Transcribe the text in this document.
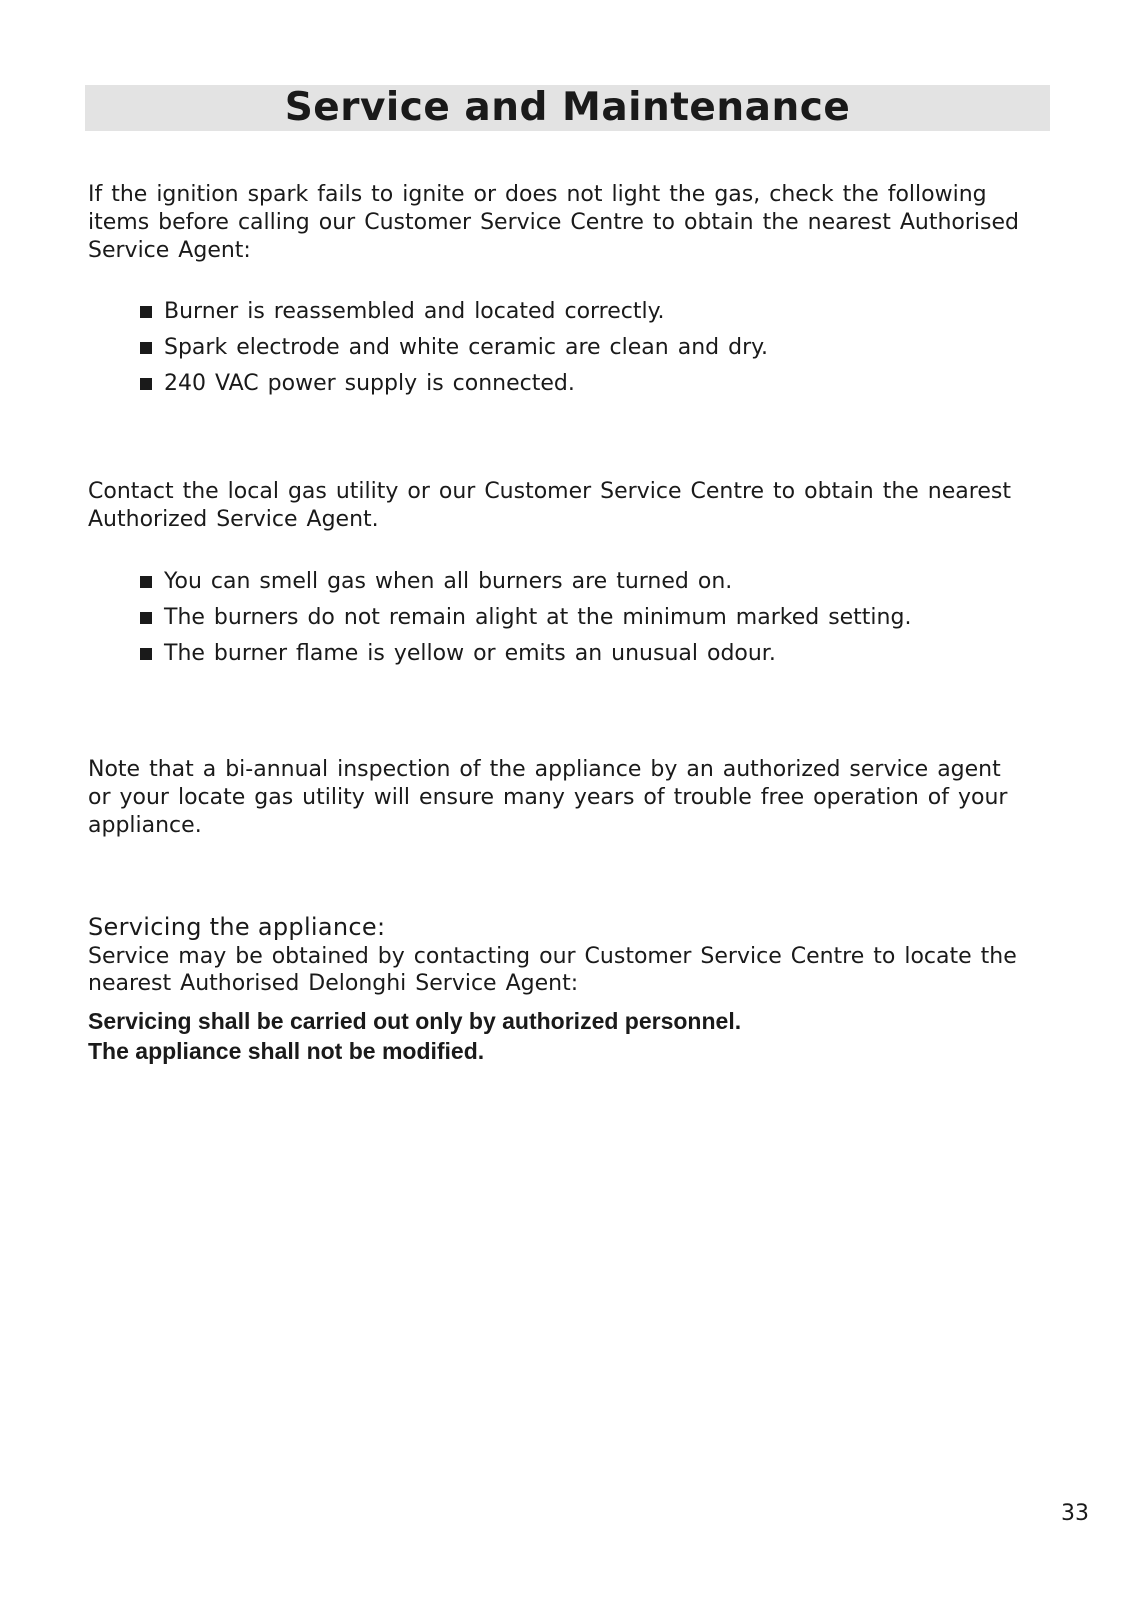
Service and Maintenance

If the ignition spark fails to ignite or does not light the gas, check the following

items before calling our Customer Service Centre to obtain the nearest Authorised

Service Agent:

Burner is reassembled and located correctly.
Spark electrode and white ceramic are clean and dry.
240 VAC power supply is connected.

Contact the local gas utility or our Customer Service Centre to obtain the nearest

Authorized Service Agent.

You can smell gas when all burners are turned on.
The burners do not remain alight at the minimum marked setting.
The burner flame is yellow or emits an unusual odour.

Note that a bi-annual inspection of the appliance by an authorized service agent

or your locate gas utility will ensure many years of trouble free operation of your

appliance.

Servicing the appliance:

Service may be obtained by contacting our Customer Service Centre to locate the

nearest Authorised Delonghi Service Agent:

Servicing shall be carried out only by authorized personnel.

The appliance shall not be modified.

33
